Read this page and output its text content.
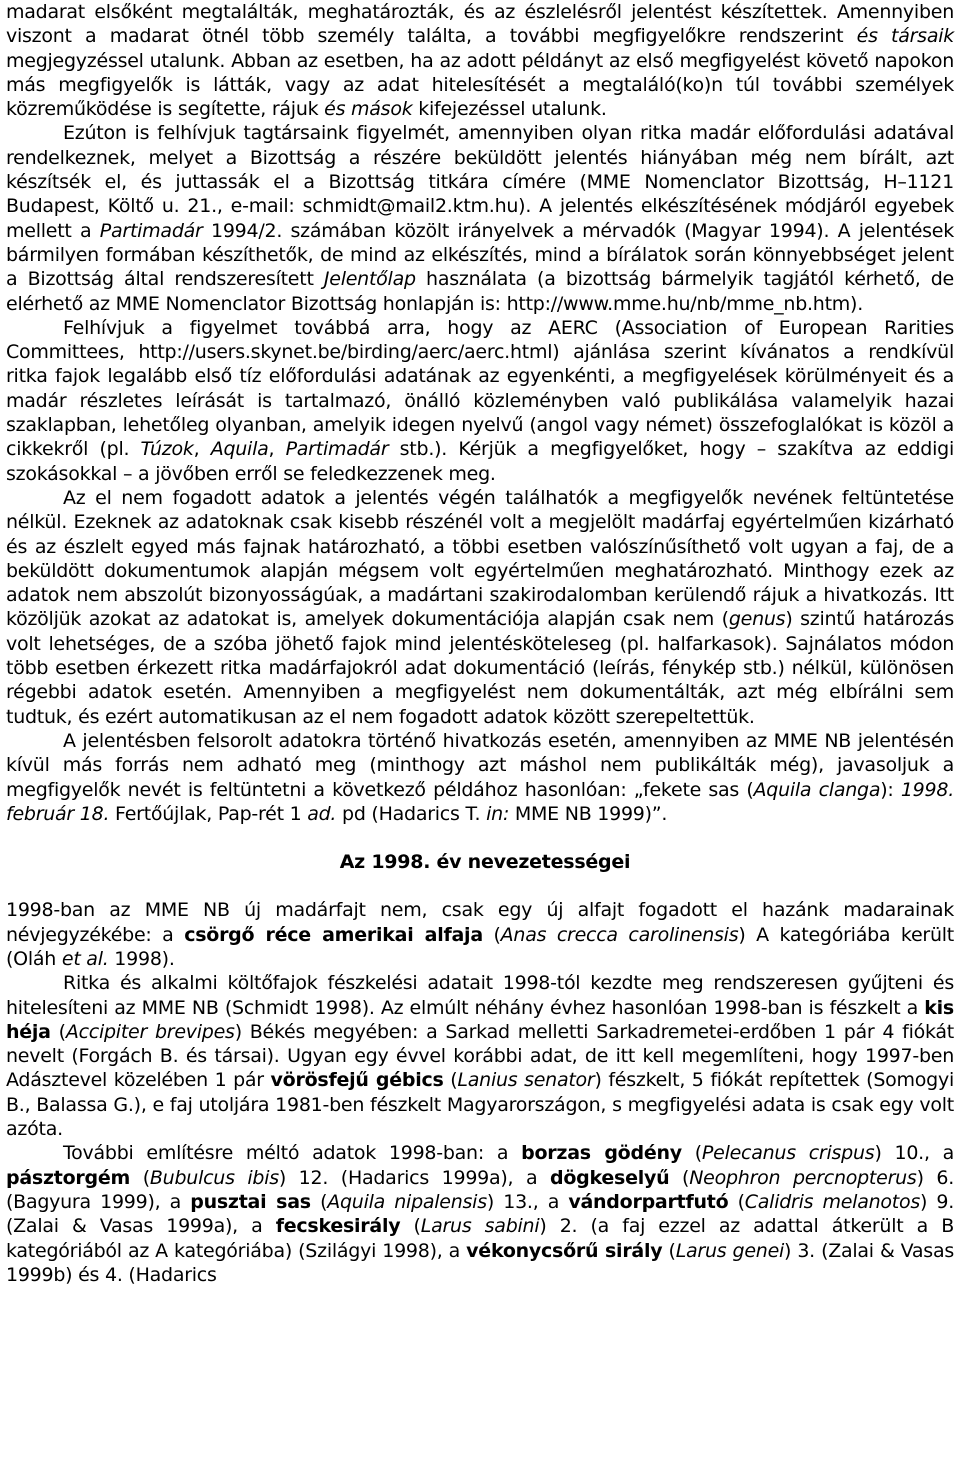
madarat elsőként megtalálták, meghatározták, és az észlelésről jelentést készítettek. Amennyiben viszont a madarat ötnél több személy találta, a további megfigyelőkre rendszerint és társaik megjegyzéssel utalunk. Abban az esetben, ha az adott példányt az első megfigyelést követő napokon más megfigyelők is látták, vagy az adat hitelesítését a megtaláló(ko)n túl további személyek közreműködése is segítette, rájuk és mások kifejezéssel utalunk.

Ezúton is felhívjuk tagtársaink figyelmét, amennyiben olyan ritka madár előfordulási adatával rendelkeznek, melyet a Bizottság a részére beküldött jelentés hiányában még nem bírált, azt készítsék el, és juttassák el a Bizottság titkára címére (MME Nomenclator Bizottság, H–1121 Budapest, Költő u. 21., e-mail: schmidt@mail2.ktm.hu). A jelentés elkészítésének módjáról egyebek mellett a Partimadár 1994/2. számában közölt irányelvek a mérvadók (Magyar 1994). A jelentések bármilyen formában készíthetők, de mind az elkészítés, mind a bírálatok során könnyebbséget jelent a Bizottság által rendszeresített Jelentőlap használata (a bizottság bármelyik tagjától kérhető, de elérhető az MME Nomenclator Bizottság honlapján is: http://www.mme.hu/nb/mme_nb.htm).

Felhívjuk a figyelmet továbbá arra, hogy az AERC (Association of European Rarities Committees, http://users.skynet.be/birding/aerc/aerc.html) ajánlása szerint kívánatos a rendkívül ritka fajok legalább első tíz előfordulási adatának az egyenkénti, a megfigyelések körülményeit és a madár részletes leírását is tartalmazó, önálló közleményben való publikálása valamelyik hazai szaklapban, lehetőleg olyanban, amelyik idegen nyelvű (angol vagy német) összefoglalókat is közöl a cikkekről (pl. Túzok, Aquila, Partimadár stb.). Kérjük a megfigyelőket, hogy – szakítva az eddigi szokásokkal – a jövőben erről se feledkezzenek meg.

Az el nem fogadott adatok a jelentés végén találhatók a megfigyelők nevének feltüntetése nélkül. Ezeknek az adatoknak csak kisebb részénél volt a megjelölt madárfaj egyértelműen kizárható és az észlelt egyed más fajnak határozható, a többi esetben valószínűsíthető volt ugyan a faj, de a beküldött dokumentumok alapján mégsem volt egyértelműen meghatározható. Minthogy ezek az adatok nem abszolút bizonyosságúak, a madártani szakirodalomban kerülendő rájuk a hivatkozás. Itt közöljük azokat az adatokat is, amelyek dokumentációja alapján csak nem (genus) szintű határozás volt lehetséges, de a szóba jöhető fajok mind jelentésköteleseg (pl. halfarkasok). Sajnálatos módon több esetben érkezett ritka madárfajokról adat dokumentáció (leírás, fénykép stb.) nélkül, különösen régebbi adatok esetén. Amennyiben a megfigyelést nem dokumentálták, azt még elbírálni sem tudtuk, és ezért automatikusan az el nem fogadott adatok között szerepeltettük.

A jelentésben felsorolt adatokra történő hivatkozás esetén, amennyiben az MME NB jelentésén kívül más forrás nem adható meg (minthogy azt máshol nem publikálták még), javasoljuk a megfigyelők nevét is feltüntetni a következő példához hasonlóan: „fekete sas (Aquila clanga): 1998. február 18. Fertőújlak, Pap-rét 1 ad. pd (Hadarics T. in: MME NB 1999)”.

Az 1998. év nevezetességei

1998-ban az MME NB új madárfajt nem, csak egy új alfajt fogadott el hazánk madarainak névjegyzékébe: a csörgő réce amerikai alfaja (Anas crecca carolinensis) A kategóriába került (Oláh et al. 1998).

Ritka és alkalmi költőfajok fészkelési adatait 1998-tól kezdte meg rendszeresen gyűjteni és hitelesíteni az MME NB (Schmidt 1998). Az elmúlt néhány évhez hasonlóan 1998-ban is fészkelt a kis héja (Accipiter brevipes) Békés megyében: a Sarkad melletti Sarkadremetei-erdőben 1 pár 4 fiókát nevelt (Forgách B. és társai). Ugyan egy évvel korábbi adat, de itt kell megemlíteni, hogy 1997-ben Adásztevel közelében 1 pár vörösfejű gébics (Lanius senator) fészkelt, 5 fiókát repítettek (Somogyi B., Balassa G.), e faj utoljára 1981-ben fészkelt Magyarországon, s megfigyelési adata is csak egy volt azóta.

További említésre méltó adatok 1998-ban: a borzas gödény (Pelecanus crispus) 10., a pásztorgém (Bubulcus ibis) 12. (Hadarics 1999a), a dögkeselyű (Neophron percnopterus) 6. (Bagyura 1999), a pusztai sas (Aquila nipalensis) 13., a vándorpartfutó (Calidris melanotos) 9. (Zalai & Vasas 1999a), a fecskesirály (Larus sabini) 2. (a faj ezzel az adattal átkerült a B kategóriából az A kategóriába) (Szilágyi 1998), a vékonycsőrű sirály (Larus genei) 3. (Zalai & Vasas 1999b) és 4. (Hadarics
